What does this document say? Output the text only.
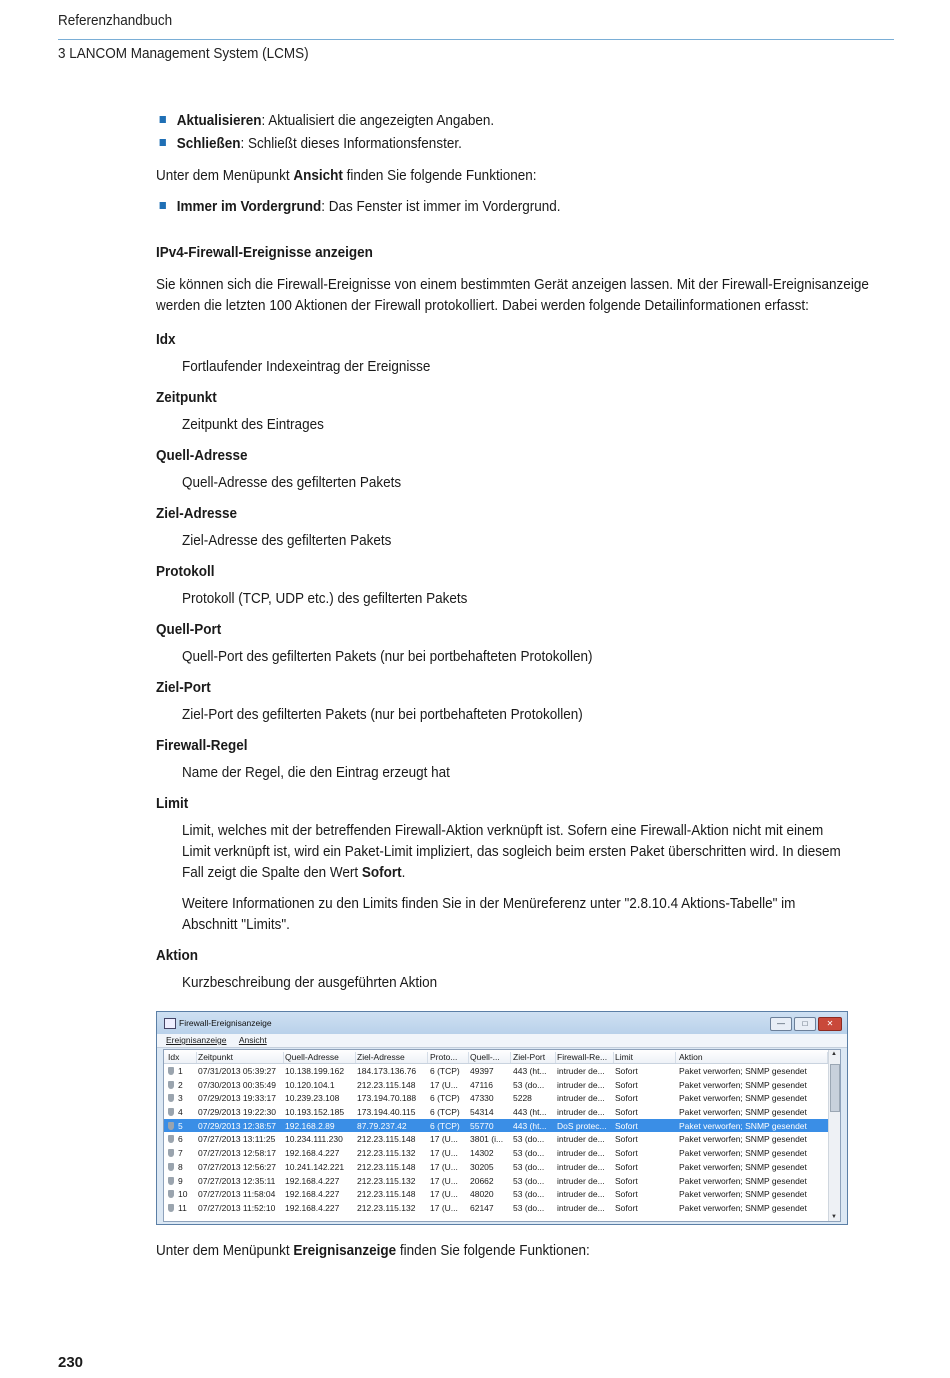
Referenzhandbuch
3 LANCOM Management System (LCMS)
Aktualisieren: Aktualisiert die angezeigten Angaben.
Schließen: Schließt dieses Informationsfenster.
Unter dem Menüpunkt Ansicht finden Sie folgende Funktionen:
Immer im Vordergrund: Das Fenster ist immer im Vordergrund.
IPv4-Firewall-Ereignisse anzeigen
Sie können sich die Firewall-Ereignisse von einem bestimmten Gerät anzeigen lassen. Mit der Firewall-Ereignisanzeige werden die letzten 100 Aktionen der Firewall protokolliert. Dabei werden folgende Detailinformationen erfasst:
Idx
Fortlaufender Indexeintrag der Ereignisse
Zeitpunkt
Zeitpunkt des Eintrages
Quell-Adresse
Quell-Adresse des gefilterten Pakets
Ziel-Adresse
Ziel-Adresse des gefilterten Pakets
Protokoll
Protokoll (TCP, UDP etc.) des gefilterten Pakets
Quell-Port
Quell-Port des gefilterten Pakets (nur bei portbehafteten Protokollen)
Ziel-Port
Ziel-Port des gefilterten Pakets (nur bei portbehafteten Protokollen)
Firewall-Regel
Name der Regel, die den Eintrag erzeugt hat
Limit
Limit, welches mit der betreffenden Firewall-Aktion verknüpft ist. Sofern eine Firewall-Aktion nicht mit einem Limit verknüpft ist, wird ein Paket-Limit impliziert, das sogleich beim ersten Paket überschritten wird. In diesem Fall zeigt die Spalte den Wert Sofort.
Weitere Informationen zu den Limits finden Sie in der Menüreferenz unter "2.8.10.4 Aktions-Tabelle" im Abschnitt "Limits".
Aktion
Kurzbeschreibung der ausgeführten Aktion
Firewall-Ereignisanzeige	—	□	✕
Ereignisanzeige Ansicht
Idx	Zeitpunkt	Quell-Adresse	Ziel-Adresse	Proto...	Quell-...	Ziel-Port	Firewall-Re... Limit	Aktion
1	07/31/2013 05:39:27	10.138.199.162	184.173.136.76	6 (TCP)	49397	443 (ht...	intruder de...	Sofort	Paket verworfen; SNMP gesendet
2	07/30/2013 00:35:49	10.120.104.1	212.23.115.148	17 (U...	47116	53 (do...	intruder de...	Sofort	Paket verworfen; SNMP gesendet
3	07/29/2013 19:33:17	10.239.23.108	173.194.70.188	6 (TCP)	47330	5228	intruder de...	Sofort	Paket verworfen; SNMP gesendet
4	07/29/2013 19:22:30	10.193.152.185	173.194.40.115	6 (TCP)	54314	443 (ht...	intruder de...	Sofort	Paket verworfen; SNMP gesendet
5	07/29/2013 12:38:57	192.168.2.89	87.79.237.42	6 (TCP)	55770	443 (ht...	DoS protec... Sofort	Paket verworfen; SNMP gesendet
6	07/27/2013 13:11:25	10.234.111.230	212.23.115.148	17 (U...	3801 (i...	53 (do...	intruder de...	Sofort	Paket verworfen; SNMP gesendet
7	07/27/2013 12:58:17	192.168.4.227	212.23.115.132	17 (U...	14302	53 (do...	intruder de...	Sofort	Paket verworfen; SNMP gesendet
8	07/27/2013 12:56:27	10.241.142.221	212.23.115.148	17 (U...	30205	53 (do...	intruder de...	Sofort	Paket verworfen; SNMP gesendet
9	07/27/2013 12:35:11	192.168.4.227	212.23.115.132	17 (U...	20662	53 (do...	intruder de...	Sofort	Paket verworfen; SNMP gesendet
10	07/27/2013 11:58:04	192.168.4.227	212.23.115.148	17 (U...	48020	53 (do...	intruder de...	Sofort	Paket verworfen; SNMP gesendet
11	07/27/2013 11:52:10	192.168.4.227	212.23.115.132	17 (U...	62147	53 (do...	intruder de...	Sofort	Paket verworfen; SNMP gesendet
▲
▼
Unter dem Menüpunkt Ereignisanzeige finden Sie folgende Funktionen:
230
